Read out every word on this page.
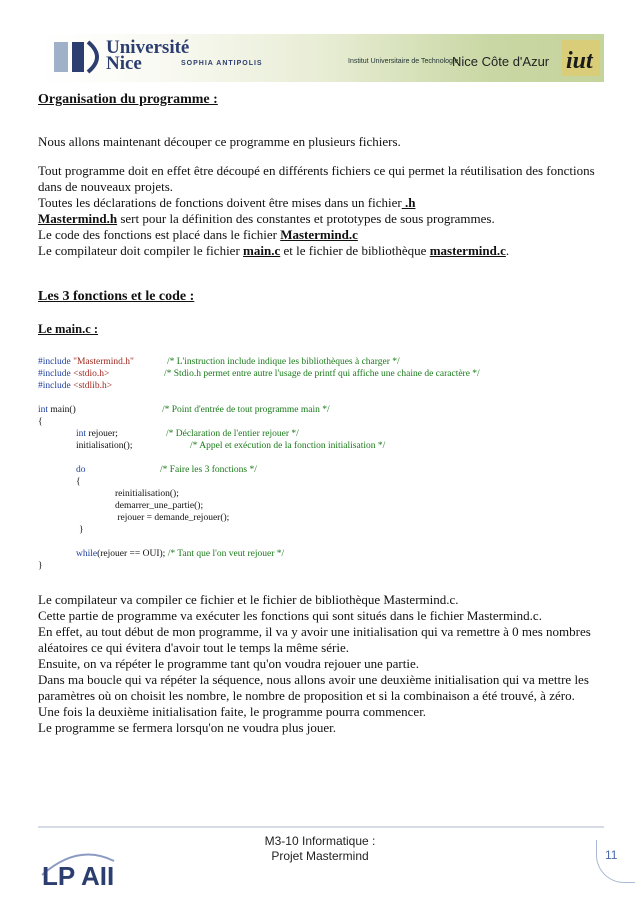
Université
Nice	SOPHIA ANTIPOLIS	Institut Universitaire de Technologie
Nice Côte d'Azur iut
Organisation du programme :
Nous allons maintenant découper ce programme en plusieurs fichiers.
Tout programme doit en effet être découpé en différents fichiers ce qui permet la réutilisation des fonctions
dans de nouveaux projets.
Toutes les déclarations de fonctions doivent être mises dans un fichier .h
Mastermind.h sert pour la définition des constantes et prototypes de sous programmes.
Le code des fonctions est placé dans le fichier Mastermind.c
Le compilateur doit compiler le fichier main.c et le fichier de bibliothèque mastermind.c.
Les 3 fonctions et le code :
Le main.c :
#include "Mastermind.h"	/* L'instruction include indique les bibliothèques à charger */
#include <stdio.h>	/* Stdio.h permet entre autre l'usage de printf qui affiche une chaine de caractère */
#include <stdlib.h>
int main()	/* Point d'entrée de tout programme main */
{
int rejouer;	/* Déclaration de l'entier rejouer */
initialisation();	/* Appel et exécution de la fonction initialisation */
do	/* Faire les 3 fonctions */
{
reinitialisation();
demarrer_une_partie();
rejouer = demande_rejouer();
}
while(rejouer == OUI); /* Tant que l'on veut rejouer */
}
Le compilateur va compiler ce fichier et le fichier de bibliothèque Mastermind.c.
Cette partie de programme va exécuter les fonctions qui sont situés dans le fichier Mastermind.c.
En effet, au tout début de mon programme, il va y avoir une initialisation qui va remettre à 0 mes nombres
aléatoires ce qui évitera d'avoir tout le temps la même série.
Ensuite, on va répéter le programme tant qu'on voudra rejouer une partie.
Dans ma boucle qui va répéter la séquence, nous allons avoir une deuxième initialisation qui va mettre les
paramètres où on choisit les nombre, le nombre de proposition et si la combinaison a été trouvé, à zéro.
Une fois la deuxième initialisation faite, le programme pourra commencer.
Le programme se fermera lorsqu'on ne voudra plus jouer.
LP AII
M3-10 Informatique :
Projet Mastermind	11
